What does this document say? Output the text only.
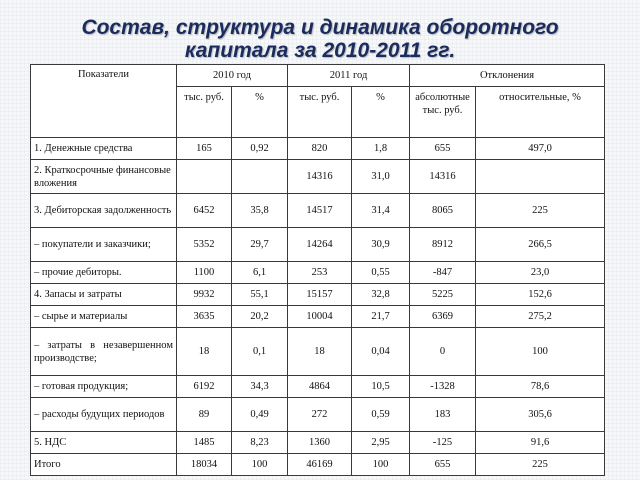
Состав, структура и динамика оборотного
капитала за 2010-2011 гг.
Показатели	2010 год		2011 год		Отклонения	
	тыс. руб.	%	тыс. руб.	%	абсолютные тыс. руб.	относительные, %
1. Денежные средства	165	0,92	820	1,8	655	497,0
2. Краткосрочные финансовые вложения			14316	31,0	14316	
3. Дебиторская задолженность	6452	35,8	14517	31,4	8065	225
– покупатели и заказчики;	5352	29,7	14264	30,9	8912	266,5
– прочие дебиторы.	1100	6,1	253	0,55	-847	23,0
4. Запасы и затраты	9932	55,1	15157	32,8	5225	152,6
– сырье и материалы	3635	20,2	10004	21,7	6369	275,2
– затраты в незавершенном производстве;	18	0,1	18	0,04	0	100
– готовая продукция;	6192	34,3	4864	10,5	-1328	78,6
– расходы будущих периодов	89	0,49	272	0,59	183	305,6
5. НДС	1485	8,23	1360	2,95	-125	91,6
Итого	18034	100	46169	100	655	225
